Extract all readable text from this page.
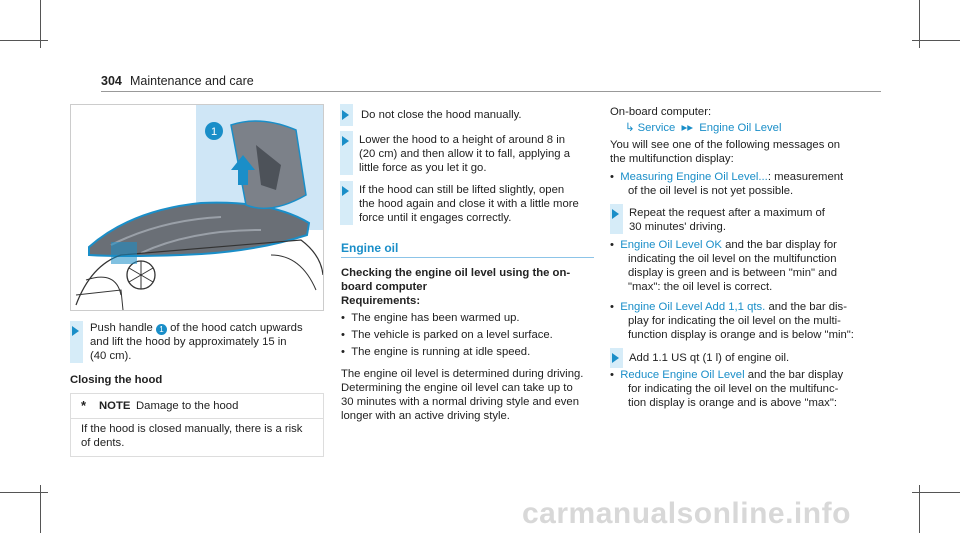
304 Maintenance and care
1
Push handle 1 of the hood catch upwards
and lift the hood by approximately 15 in
(40 cm).
Closing the hood
* NOTE Damage to the hood
If the hood is closed manually, there is a risk
of dents.
Do not close the hood manually.
Lower the hood to a height of around 8 in
(20 cm) and then allow it to fall, applying a
little force as you let it go.
If the hood can still be lifted slightly, open
the hood again and close it with a little more
force until it engages correctly.
Engine oil
Checking the engine oil level using the on-
board computer
Requirements:
•  The engine has been warmed up.
•  The vehicle is parked on a level surface.
•  The engine is running at idle speed.
The engine oil level is determined during driving.
Determining the engine oil level can take up to
30 minutes with a normal driving style and even
longer with an active driving style.
On-board computer:
↳ Service  ▸▸  Engine Oil Level
You will see one of the following messages on
the multifunction display:
•  Measuring Engine Oil Level...: measurement
of the oil level is not yet possible.
Repeat the request after a maximum of
30 minutes' driving.
•  Engine Oil Level OK and the bar display for
indicating the oil level on the multifunction
display is green and is between "min" and
"max": the oil level is correct.
•  Engine Oil Level Add 1,1 qts. and the bar dis-
play for indicating the oil level on the multi-
function display is orange and is below "min":
Add 1.1 US qt (1 l) of engine oil.
•  Reduce Engine Oil Level and the bar display
for indicating the oil level on the multifunc-
tion display is orange and is above "max":
carmanualsonline.info
